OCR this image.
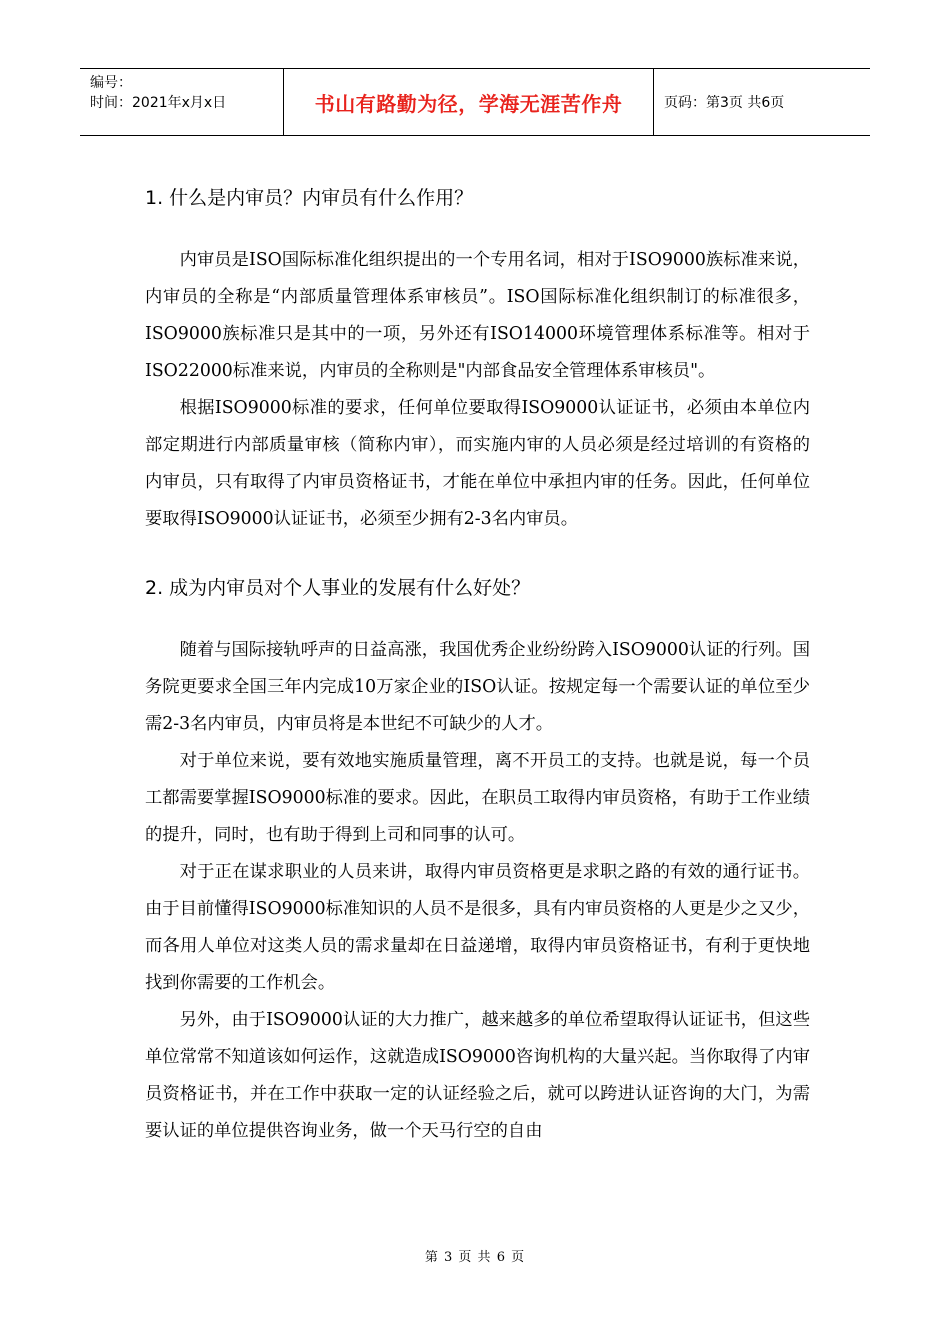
编号：
时间：2021年x月x日	书山有路勤为径，学海无涯苦作舟	页码：第3页 共6页
1. 什么是内审员？内审员有什么作用？

内审员是ISO国际标准化组织提出的一个专用名词，相对于ISO9000族标准来说，内审员的全称是“内部质量管理体系审核员”。ISO国际标准化组织制订的标准很多，ISO9000族标准只是其中的一项，另外还有ISO14000环境管理体系标准等。相对于ISO22000标准来说，内审员的全称则是"内部食品安全管理体系审核员"。

根据ISO9000标准的要求，任何单位要取得ISO9000认证证书，必须由本单位内部定期进行内部质量审核（简称内审），而实施内审的人员必须是经过培训的有资格的内审员，只有取得了内审员资格证书，才能在单位中承担内审的任务。因此，任何单位要取得ISO9000认证证书，必须至少拥有2-3名内审员。

2. 成为内审员对个人事业的发展有什么好处？

随着与国际接轨呼声的日益高涨，我国优秀企业纷纷跨入ISO9000认证的行列。国务院更要求全国三年内完成10万家企业的ISO认证。按规定每一个需要认证的单位至少需2-3名内审员，内审员将是本世纪不可缺少的人才。

对于单位来说，要有效地实施质量管理，离不开员工的支持。也就是说，每一个员工都需要掌握ISO9000标准的要求。因此，在职员工取得内审员资格，有助于工作业绩的提升，同时，也有助于得到上司和同事的认可。

对于正在谋求职业的人员来讲，取得内审员资格更是求职之路的有效的通行证书。由于目前懂得ISO9000标准知识的人员不是很多，具有内审员资格的人更是少之又少，而各用人单位对这类人员的需求量却在日益递增，取得内审员资格证书，有利于更快地找到你需要的工作机会。

另外，由于ISO9000认证的大力推广，越来越多的单位希望取得认证证书，但这些单位常常不知道该如何运作，这就造成ISO9000咨询机构的大量兴起。当你取得了内审员资格证书，并在工作中获取一定的认证经验之后，就可以跨进认证咨询的大门，为需要认证的单位提供咨询业务，做一个天马行空的自由

第 3 页 共 6 页
